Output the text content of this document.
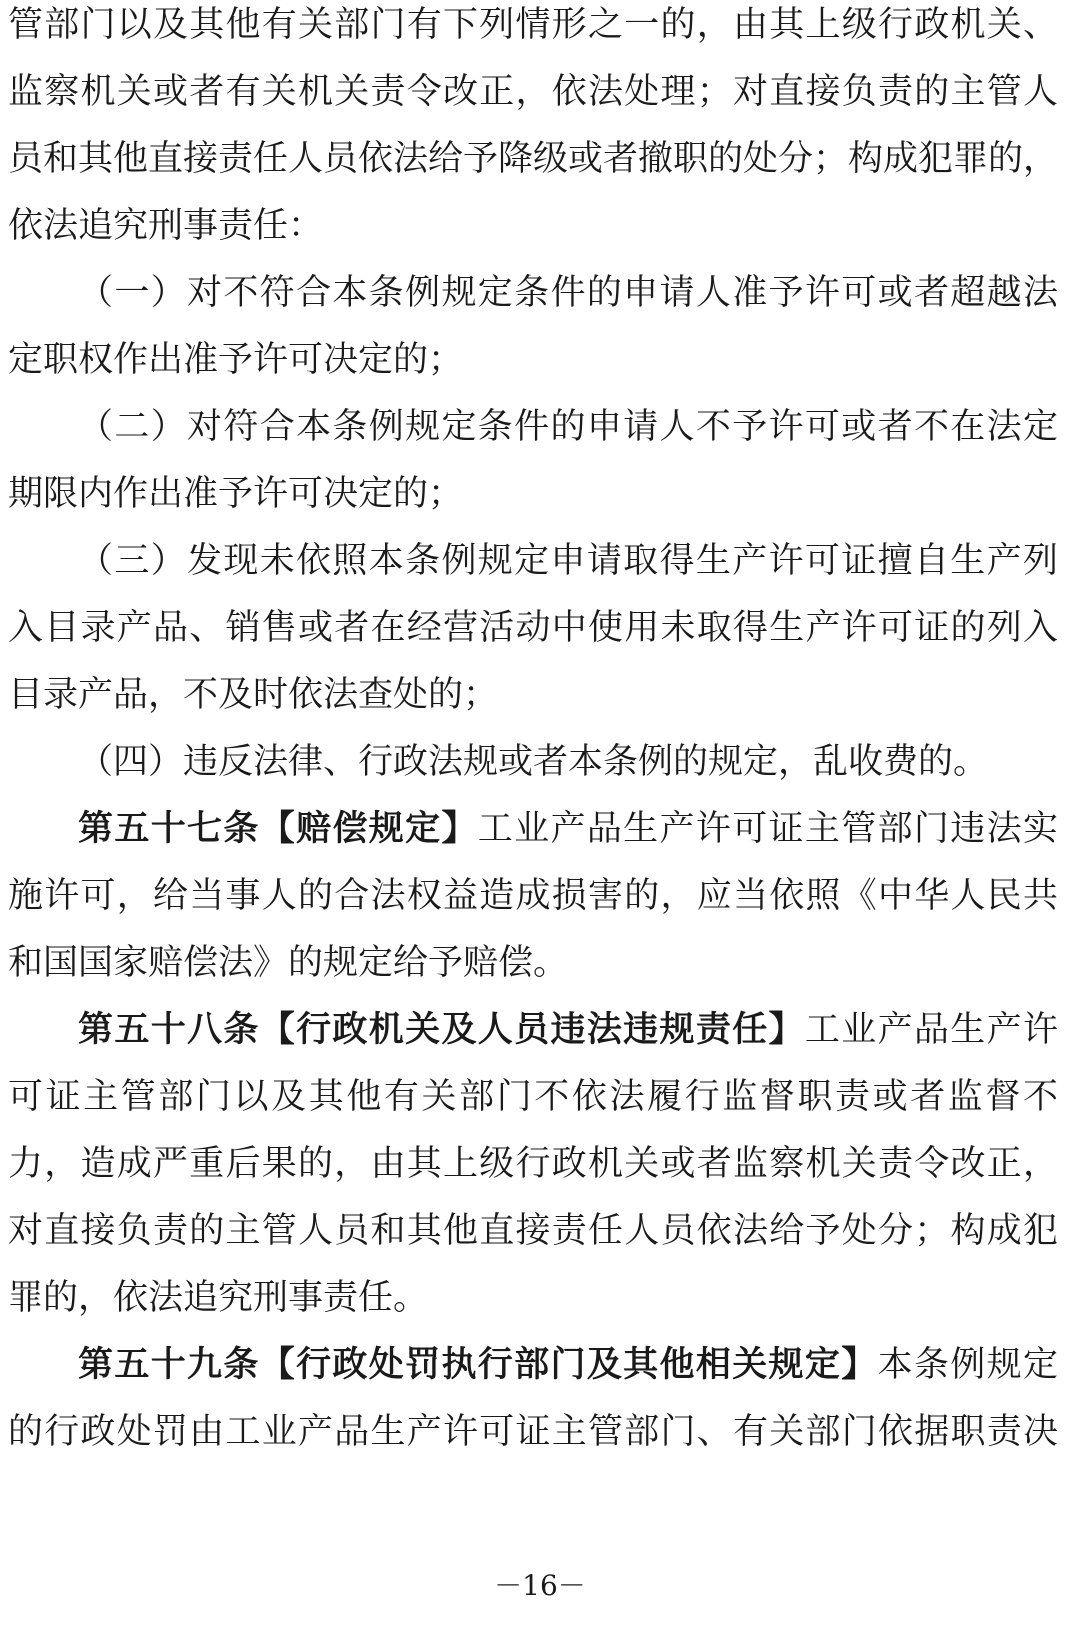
管部门以及其他有关部门有下列情形之一的，由其上级行政机关、
监察机关或者有关机关责令改正，依法处理；对直接负责的主管人
员和其他直接责任人员依法给予降级或者撤职的处分；构成犯罪的，
依法追究刑事责任：
（一）对不符合本条例规定条件的申请人准予许可或者超越法
定职权作出准予许可决定的；
（二）对符合本条例规定条件的申请人不予许可或者不在法定
期限内作出准予许可决定的；
（三）发现未依照本条例规定申请取得生产许可证擅自生产列
入目录产品、销售或者在经营活动中使用未取得生产许可证的列入
目录产品，不及时依法查处的；
（四）违反法律、行政法规或者本条例的规定，乱收费的。
第五十七条【赔偿规定】工业产品生产许可证主管部门违法实
施许可，给当事人的合法权益造成损害的，应当依照《中华人民共
和国国家赔偿法》的规定给予赔偿。
第五十八条【行政机关及人员违法违规责任】工业产品生产许
可证主管部门以及其他有关部门不依法履行监督职责或者监督不
力，造成严重后果的，由其上级行政机关或者监察机关责令改正，
对直接负责的主管人员和其他直接责任人员依法给予处分；构成犯
罪的，依法追究刑事责任。
第五十九条【行政处罚执行部门及其他相关规定】本条例规定
的行政处罚由工业产品生产许可证主管部门、有关部门依据职责决
－16－
